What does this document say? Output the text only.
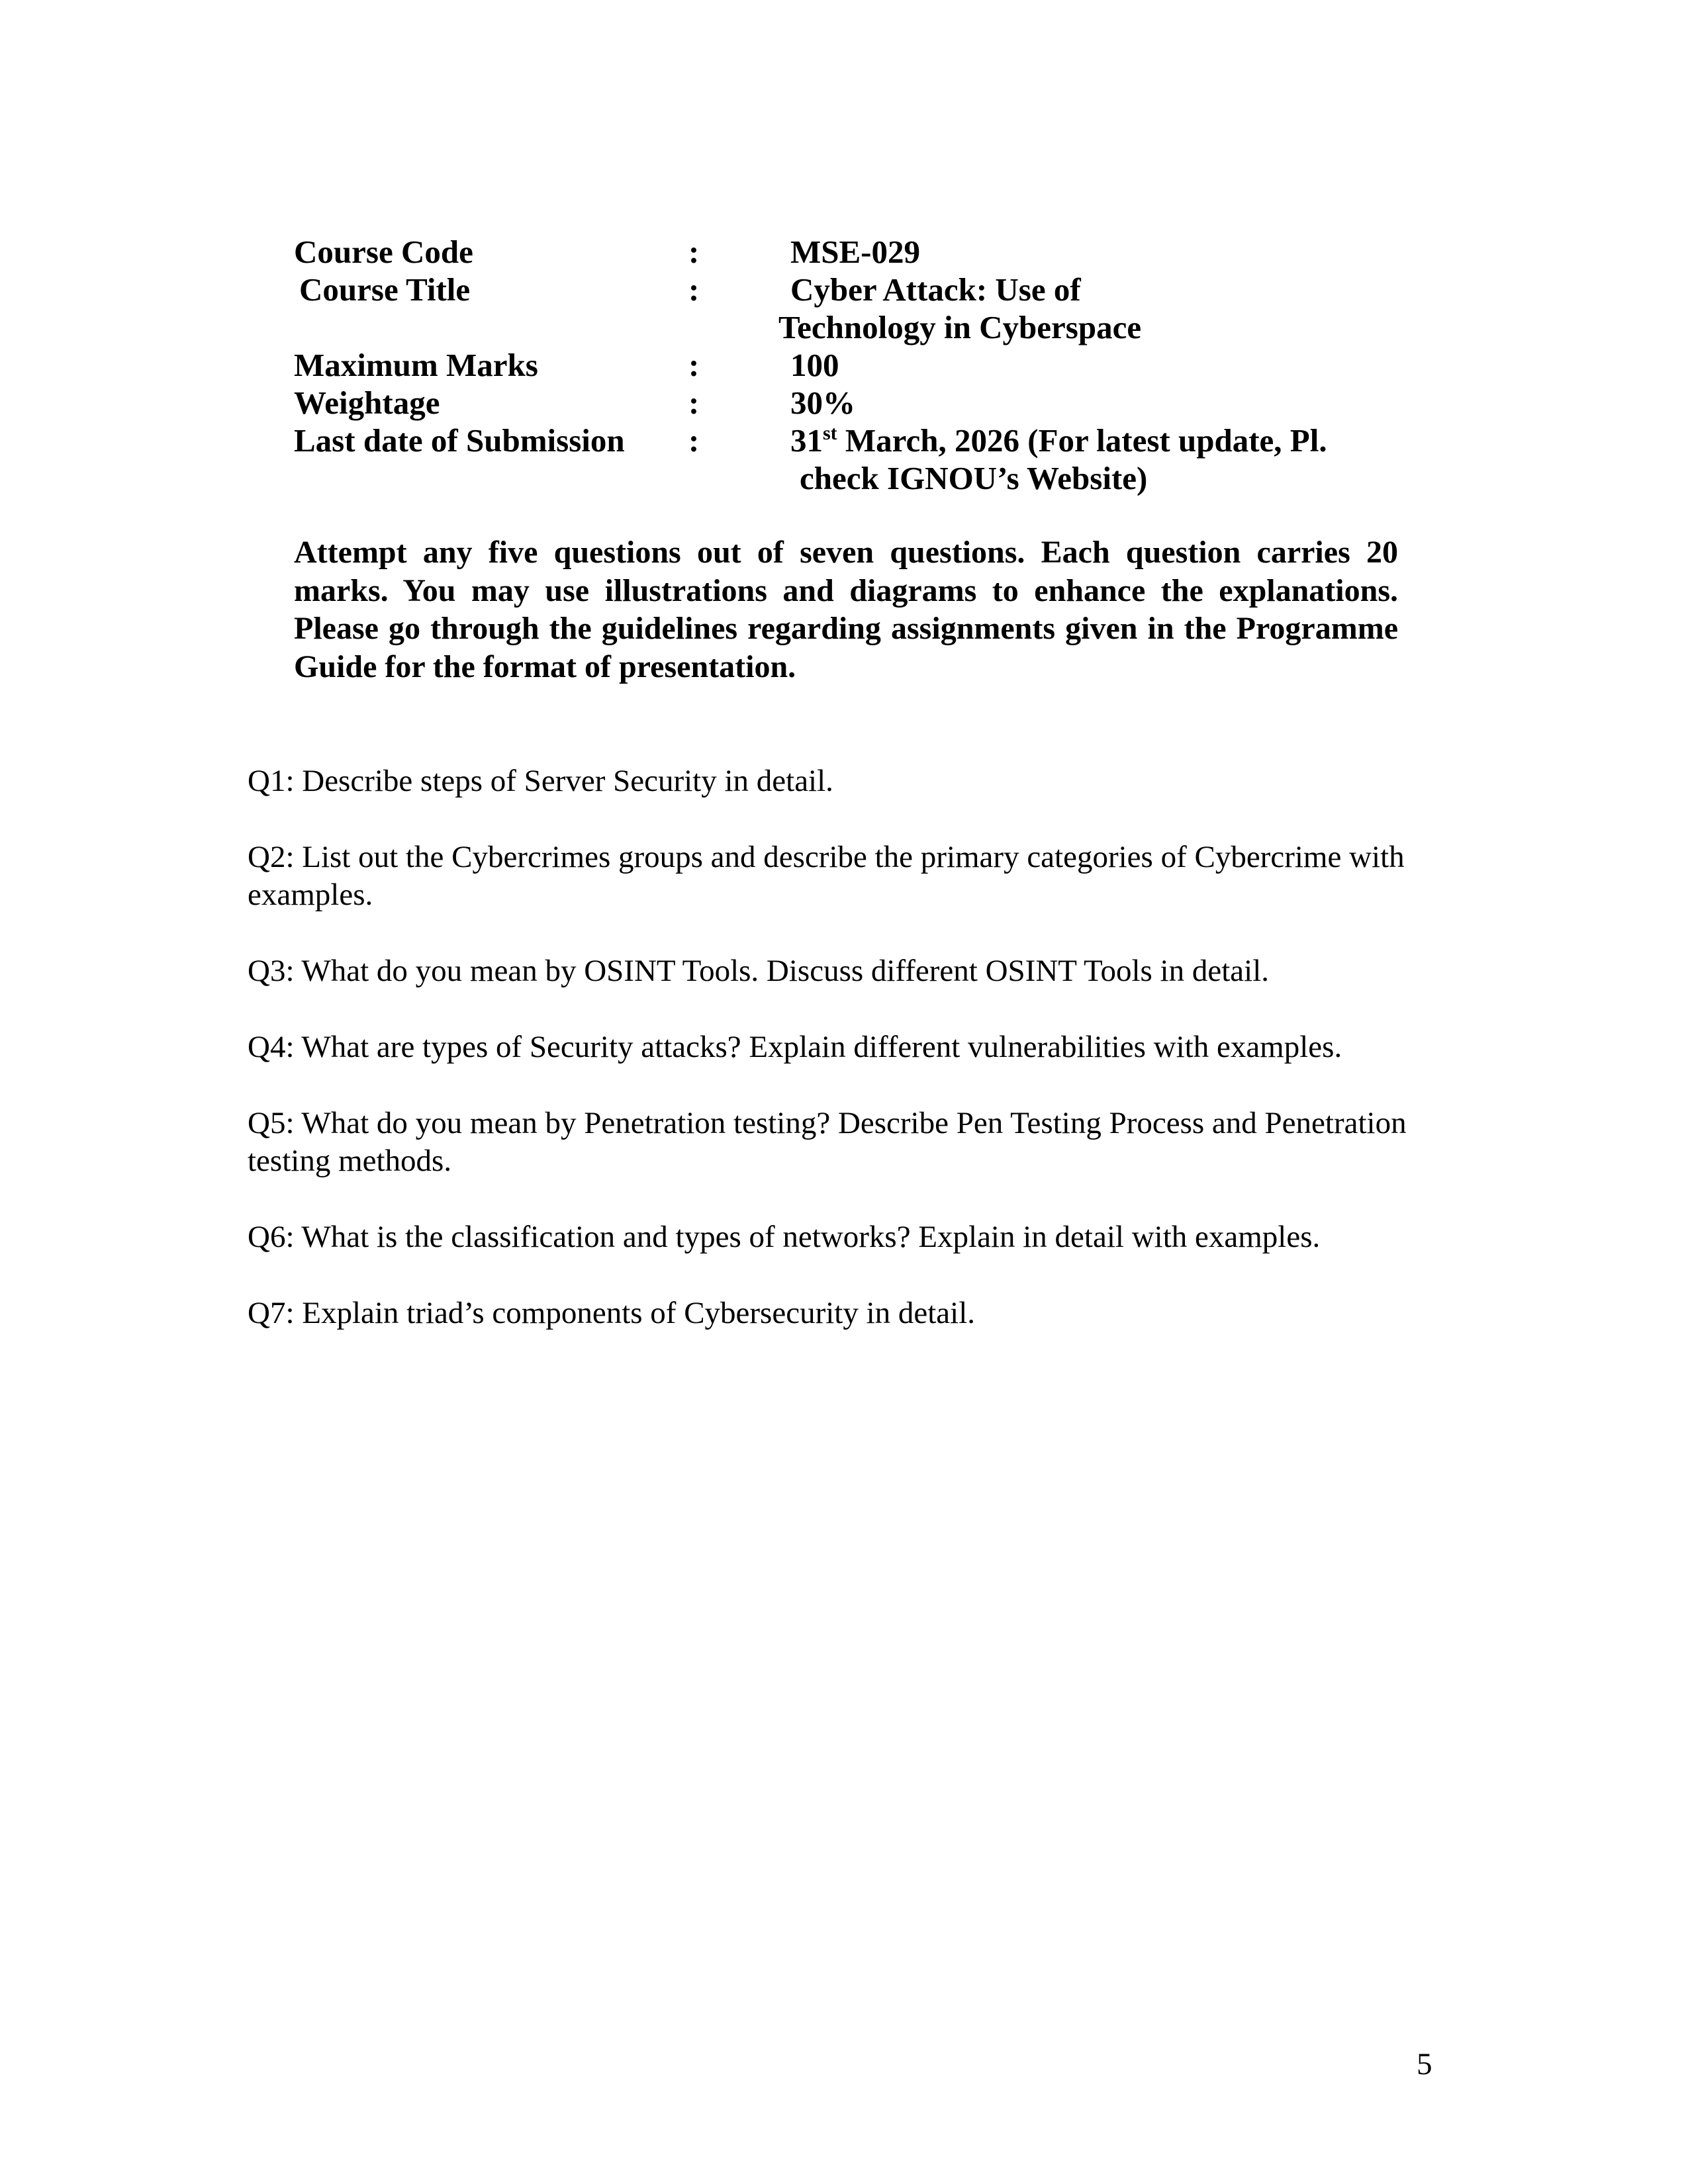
Course Code	:	MSE-029
Course Title	:	Cyber Attack: Use of
Technology in Cyberspace
Maximum Marks	:	100
Weightage	:	30%
Last date of Submission :	31st March, 2026 (For latest update, Pl.
check IGNOU’s Website)
Attempt any five questions out of seven questions. Each question carries 20 marks. You may use illustrations and diagrams to enhance the explanations. Please go through the guidelines regarding assignments given in the Programme Guide for the format of presentation.

Q1: Describe steps of Server Security in detail.

Q2: List out the Cybercrimes groups and describe the primary categories of Cybercrime with examples.

Q3: What do you mean by OSINT Tools. Discuss different OSINT Tools in detail.

Q4: What are types of Security attacks? Explain different vulnerabilities with examples.

Q5: What do you mean by Penetration testing? Describe Pen Testing Process and Penetration testing methods.

Q6: What is the classification and types of networks? Explain in detail with examples.

Q7: Explain triad’s components of Cybersecurity in detail.

5
